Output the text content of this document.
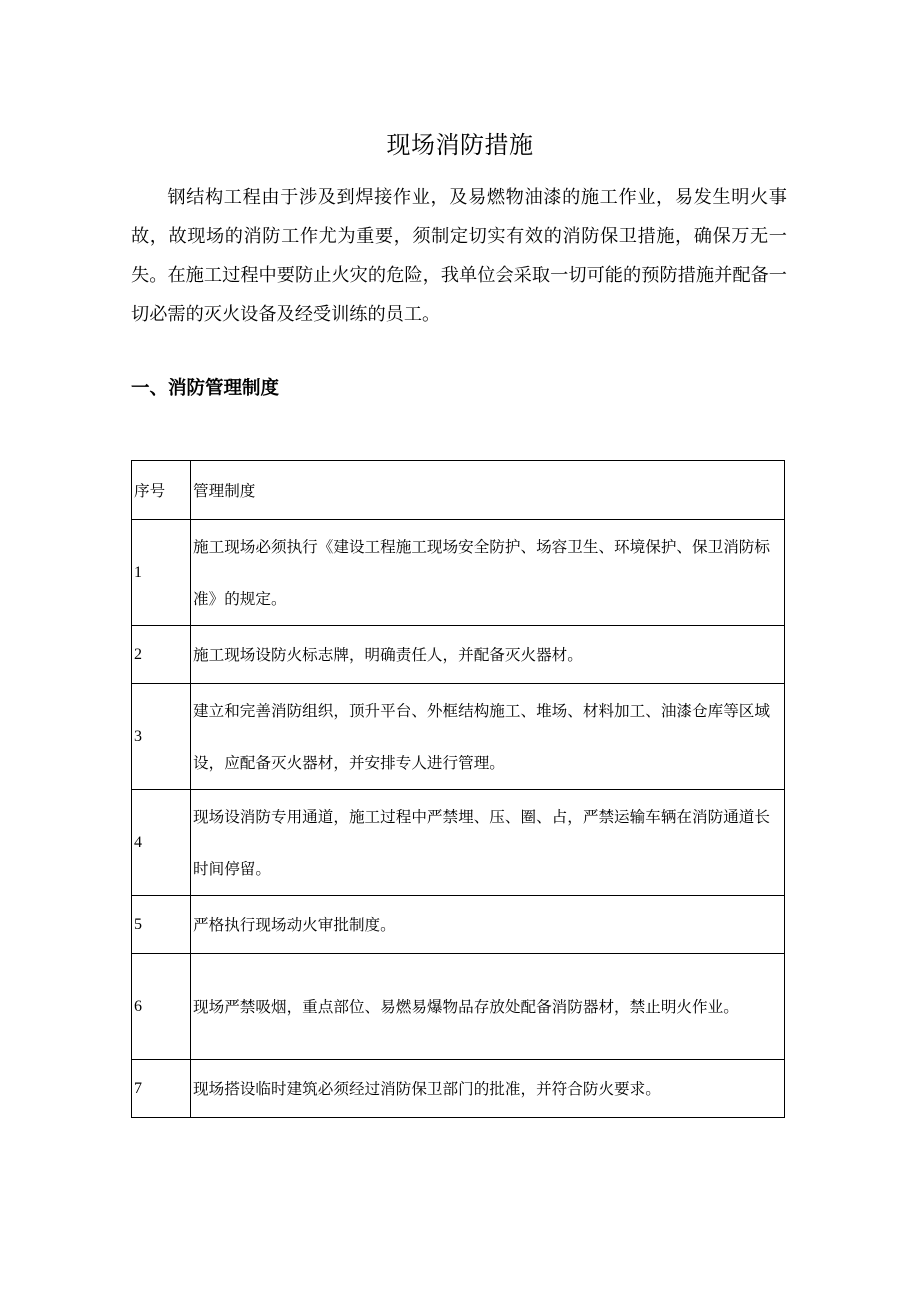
现场消防措施

钢结构工程由于涉及到焊接作业，及易燃物油漆的施工作业，易发生明火事故，故现场的消防工作尤为重要，须制定切实有效的消防保卫措施，确保万无一失。在施工过程中要防止火灾的危险，我单位会采取一切可能的预防措施并配备一切必需的灭火设备及经受训练的员工。

一、消防管理制度
序号	管理制度
1	施工现场必须执行《建设工程施工现场安全防护、场容卫生、环境保护、保卫消防标准》的规定。
2	施工现场设防火标志牌，明确责任人，并配备灭火器材。
3	建立和完善消防组织，顶升平台、外框结构施工、堆场、材料加工、油漆仓库等区域设，应配备灭火器材，并安排专人进行管理。
4	现场设消防专用通道，施工过程中严禁埋、压、圈、占，严禁运输车辆在消防通道长时间停留。
5	严格执行现场动火审批制度。
6	现场严禁吸烟，重点部位、易燃易爆物品存放处配备消防器材，禁止明火作业。
7	现场搭设临时建筑必须经过消防保卫部门的批准，并符合防火要求。
